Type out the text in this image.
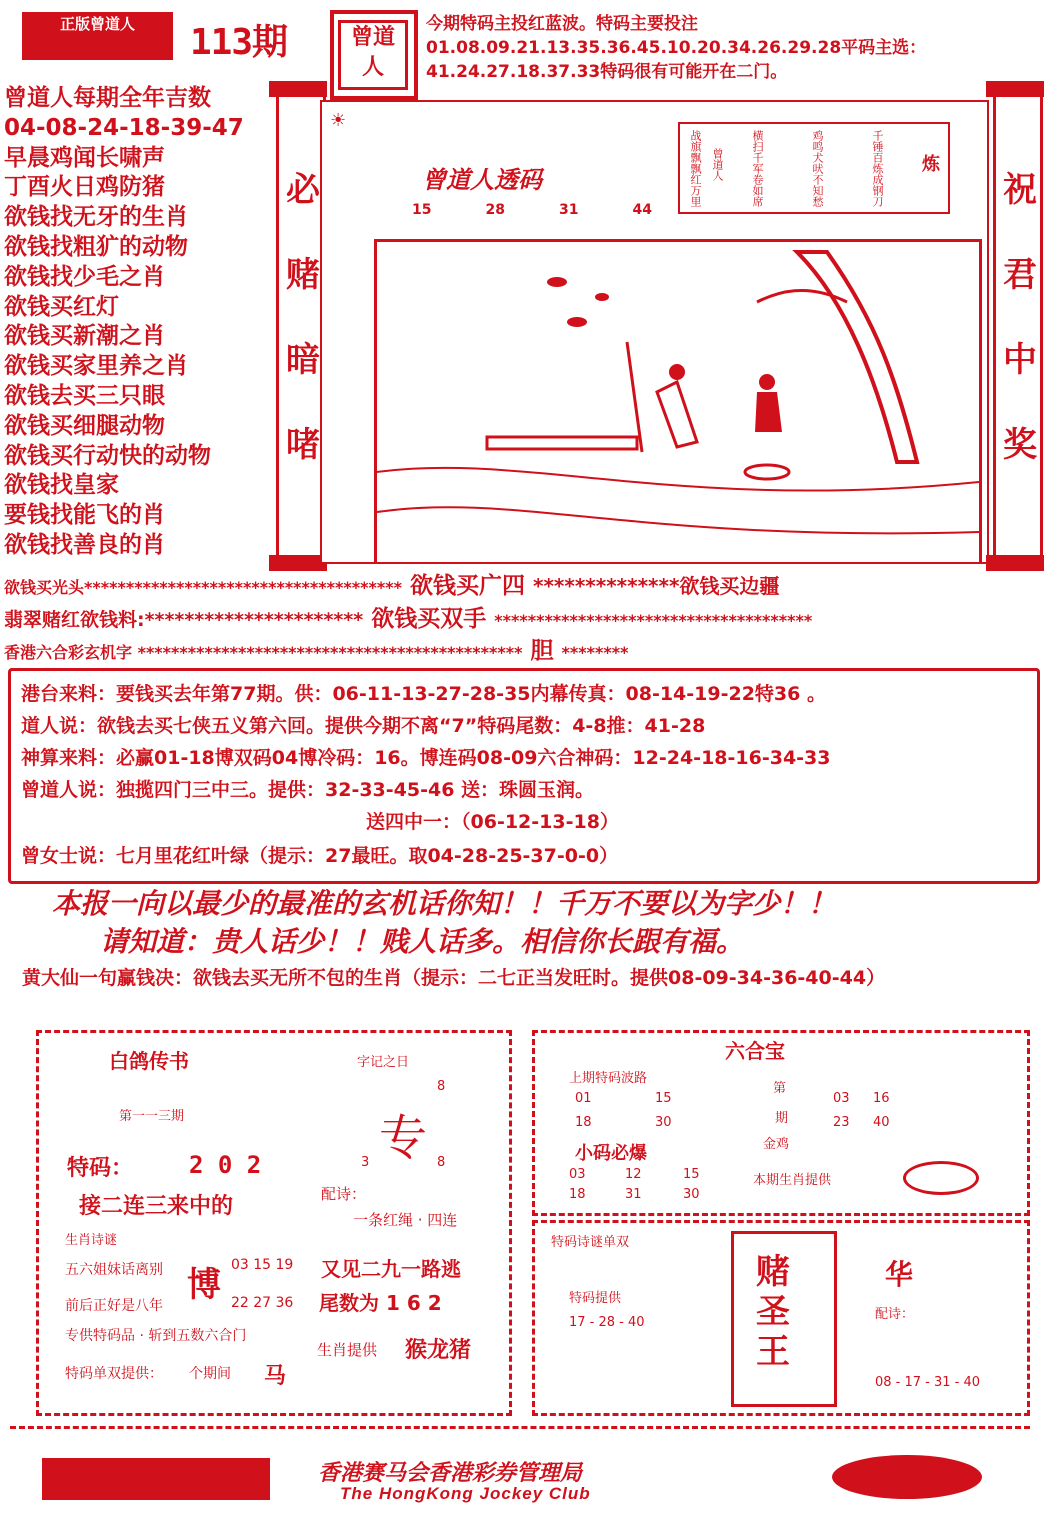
正版曾道人	113期	曾道人
今期特码主投红蓝波。特码主要投注01.08.09.21.13.35.36.45.10.20.34.26.29.28平码主选：41.24.27.18.37.33特码很有可能开在二门。
曾道人每期全年吉数
04-08-24-18-39-47
早晨鸡闻长啸声
丁酉火日鸡防猪
欲钱找无牙的生肖
欲钱找粗犷的动物
欲钱找少毛之肖
欲钱买红灯
欲钱买新潮之肖
欲钱买家里养之肖
欲钱去买三只眼
欲钱买细腿动物
欲钱买行动快的动物
欲钱找皇家
要钱找能飞的肖
欲钱找善良的肖
必
赌
暗
啫
☀
曾道人透码
15	28	31	44
炼
战旗飘飘红万里	横扫千军卷如席	鸡鸣犬吠不知愁	千锤百炼成钢刀
曾道人
祝
君
中
奖
欲钱买光头************************************** 欲钱买广四 **************欲钱买边疆
翡翠赌红欲钱料:********************** 欲钱买双手 **************************************
香港六合彩玄机字 ********************************************** 胆 ********
港台来料：要钱买去年第77期。供：06-11-13-27-28-35内幕传真：08-14-19-22特36 。
道人说：欲钱去买七侠五义第六回。提供今期不离“7”特码尾数：4-8推：41-28
神算来料：必赢01-18博双码04博冷码：16。博连码08-09六合神码：12-24-18-16-34-33
曾道人说：独揽四门三中三。提供：32-33-45-46 送：珠圆玉润。
送四中一：（06-12-13-18）
曾女士说：七月里花红叶绿（提示：27最旺。取04-28-25-37-0-0）
本报一向以最少的最准的玄机话你知！！千万不要以为字少！！
请知道：贵人话少！！贱人话多。相信你长跟有福。
黄大仙一句赢钱决：欲钱去买无所不包的生肖（提示：二七正当发旺时。提供08-09-34-36-40-44）
白鸽传书
第一一三期
特码： 2 0 2
接二连三来中的
生肖诗谜
五六姐妹话离别
前后正好是八年
专供特码品 · 斩到五数六合门
博 03 15 19
22 27 36
特码单双提供： 个期间 马
字记之日
专
8
3	8
配诗：
一条红绳 · 四连
又见二九一路逃
尾数为 1 6 2
生肖提供 猴龙猪
六合宝
上期特码波路
01	15
18	30
第
期
金鸡
03 16
23 40
小码必爆
03	12	15
18	31	30
本期生肖提供
特码诗谜单双
特码提供
17 - 28 - 40
赌
圣
王
华
配诗：
08 - 17 - 31 - 40
香港赛马会香港彩券管理局
The HongKong Jockey Club
